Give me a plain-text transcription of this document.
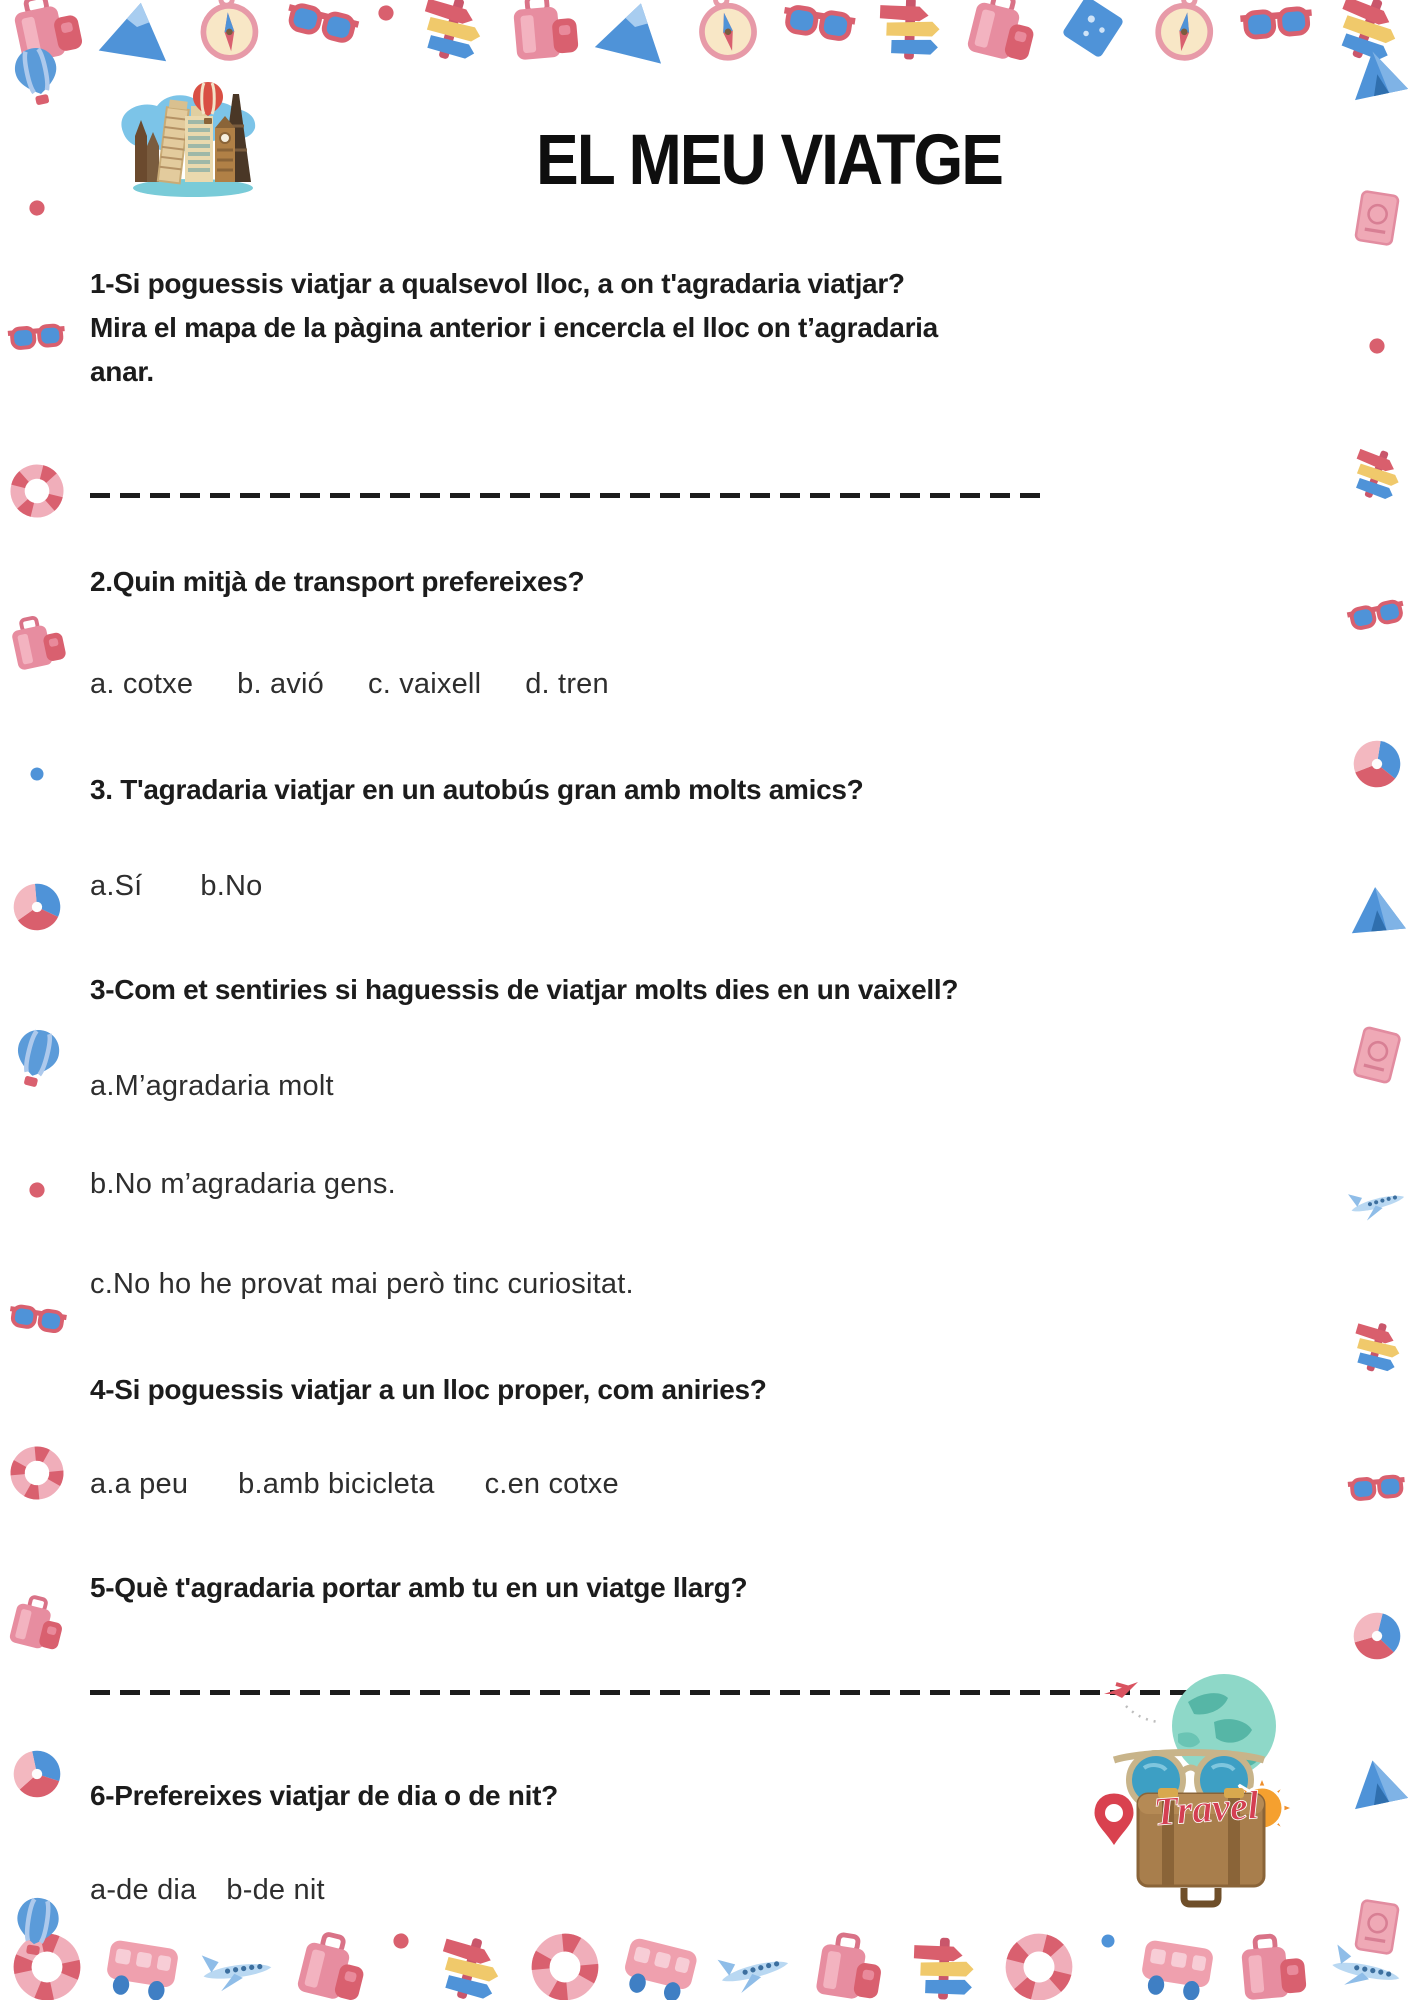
EL MEU VIATGE
1-Si poguessis viatjar a qualsevol lloc, a on t'agradaria viatjar?
Mira el mapa de la pàgina anterior i encercla el lloc on t’agradaria
anar.
2.Quin mitjà de transport prefereixes?
a. cotxe b. avió c. vaixell d. tren
3. T'agradaria viatjar en un autobús gran amb molts amics?
a.Sí b.No
3-Com et sentiries si haguessis de viatjar molts dies en un vaixell?
a.M’agradaria molt
b.No m’agradaria gens.
c.No ho he provat mai però tinc curiositat.
4-Si poguessis viatjar a un lloc proper, com aniries?
a.a peu b.amb bicicleta c.en cotxe
5-Què t'agradaria portar amb tu en un viatge llarg?
6-Prefereixes viatjar de dia o de nit?
a-de dia b-de nit
Travel
